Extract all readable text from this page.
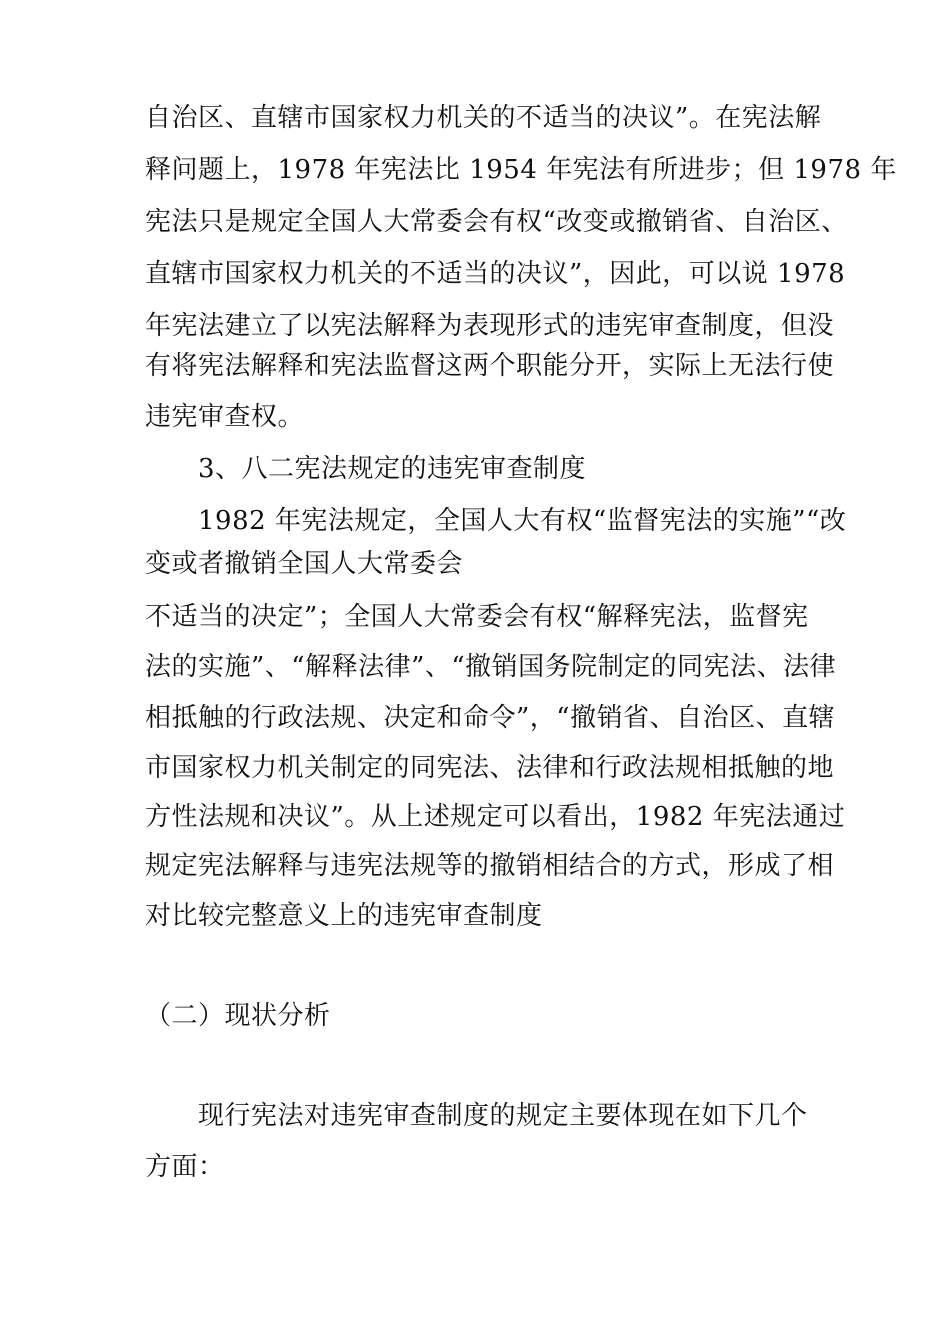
自治区、直辖市国家权力机关的不适当的决议”。在宪法解
释问题上，1978 年宪法比 1954 年宪法有所进步；但 1978 年
宪法只是规定全国人大常委会有权“改变或撤销省、自治区、
直辖市国家权力机关的不适当的决议”，因此，可以说 1978
年宪法建立了以宪法解释为表现形式的违宪审查制度，但没
有将宪法解释和宪法监督这两个职能分开，实际上无法行使
违宪审查权。
3、八二宪法规定的违宪审查制度
1982 年宪法规定，全国人大有权“监督宪法的实施”“改
变或者撤销全国人大常委会
不适当的决定”；全国人大常委会有权“解释宪法，监督宪
法的实施”、“解释法律”、“撤销国务院制定的同宪法、法律
相抵触的行政法规、决定和命令”，“撤销省、自治区、直辖
市国家权力机关制定的同宪法、法律和行政法规相抵触的地
方性法规和决议”。从上述规定可以看出，1982 年宪法通过
规定宪法解释与违宪法规等的撤销相结合的方式，形成了相
对比较完整意义上的违宪审查制度
（二）现状分析
现行宪法对违宪审查制度的规定主要体现在如下几个
方面：
